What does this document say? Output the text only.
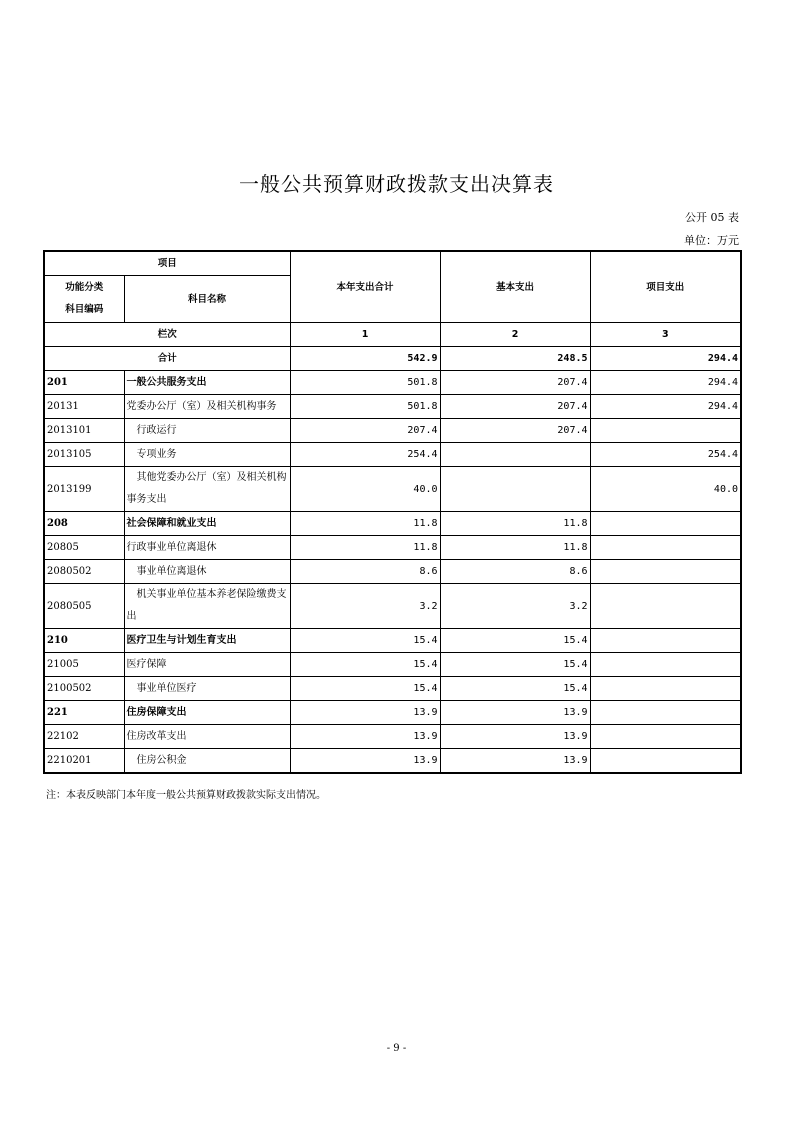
一般公共预算财政拨款支出决算表
公开 05 表
单位：万元
项目		本年支出合计	基本支出	项目支出

功能分类
科目编码	科目名称			
栏次		1	2	3
合计		542.9	248.5	294.4
201	一般公共服务支出	501.8	207.4	294.4
20131	党委办公厅（室）及相关机构事务	501.8	207.4	294.4
2013101	行政运行	207.4	207.4	
2013105	专项业务	254.4		254.4
2013199	其他党委办公厅（室）及相关机构事务支出	40.0		40.0
208	社会保障和就业支出	11.8	11.8	
20805	行政事业单位离退休	11.8	11.8	
2080502	事业单位离退休	8.6	8.6	
2080505	机关事业单位基本养老保险缴费支出	3.2	3.2	
210	医疗卫生与计划生育支出	15.4	15.4	
21005	医疗保障	15.4	15.4	
2100502	事业单位医疗	15.4	15.4	
221	住房保障支出	13.9	13.9	
22102	住房改革支出	13.9	13.9	
2210201	住房公积金	13.9	13.9	
注：本表反映部门本年度一般公共预算财政拨款实际支出情况。
- 9 -
